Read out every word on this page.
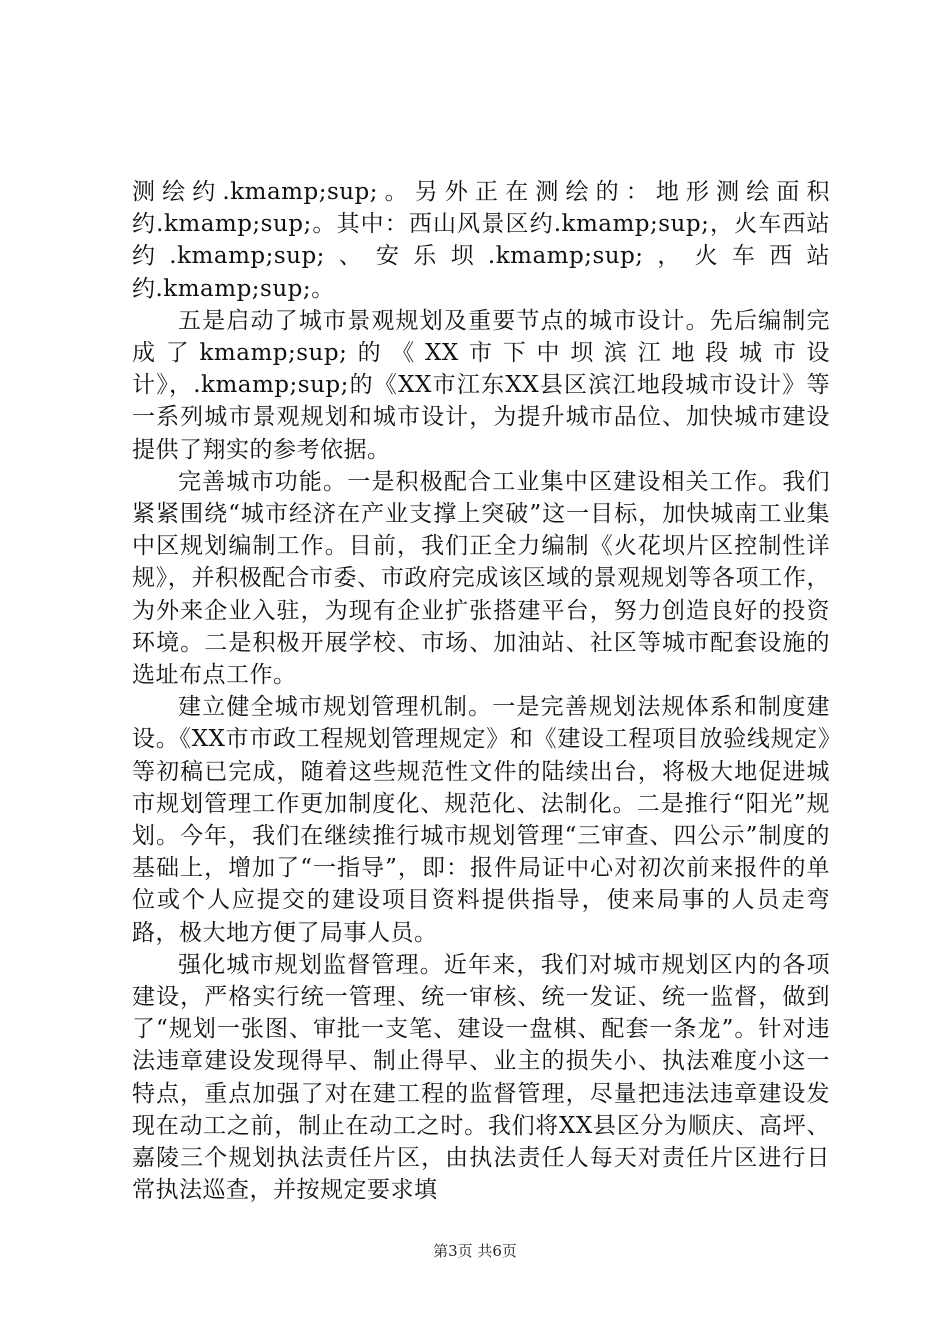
测绘约.kmamp;sup;。另外正在测绘的：地形测绘面积约.kmamp;sup;。其中：西山风景区约.kmamp;sup;，火车西站约.kmamp;sup;、安乐坝.kmamp;sup;，火车西站约.kmamp;sup;。

五是启动了城市景观规划及重要节点的城市设计。先后编制完成了kmamp;sup;的《XX市下中坝滨江地段城市设计》，.kmamp;sup;的《XX市江东XX县区滨江地段城市设计》等一系列城市景观规划和城市设计，为提升城市品位、加快城市建设提供了翔实的参考依据。

完善城市功能。一是积极配合工业集中区建设相关工作。我们紧紧围绕“城市经济在产业支撑上突破”这一目标，加快城南工业集中区规划编制工作。目前，我们正全力编制《火花坝片区控制性详规》，并积极配合市委、市政府完成该区域的景观规划等各项工作，为外来企业入驻，为现有企业扩张搭建平台，努力创造良好的投资环境。二是积极开展学校、市场、加油站、社区等城市配套设施的选址布点工作。

建立健全城市规划管理机制。一是完善规划法规体系和制度建设。《XX市市政工程规划管理规定》和《建设工程项目放验线规定》等初稿已完成，随着这些规范性文件的陆续出台，将极大地促进城市规划管理工作更加制度化、规范化、法制化。二是推行“阳光”规划。今年，我们在继续推行城市规划管理“三审查、四公示”制度的基础上，增加了“一指导”，即：报件局证中心对初次前来报件的单位或个人应提交的建设项目资料提供指导，使来局事的人员走弯路，极大地方便了局事人员。

强化城市规划监督管理。近年来，我们对城市规划区内的各项建设，严格实行统一管理、统一审核、统一发证、统一监督，做到了“规划一张图、审批一支笔、建设一盘棋、配套一条龙”。针对违法违章建设发现得早、制止得早、业主的损失小、执法难度小这一特点，重点加强了对在建工程的监督管理，尽量把违法违章建设发现在动工之前，制止在动工之时。我们将XX县区分为顺庆、高坪、嘉陵三个规划执法责任片区，由执法责任人每天对责任片区进行日常执法巡查，并按规定要求填

第3页 共6页
